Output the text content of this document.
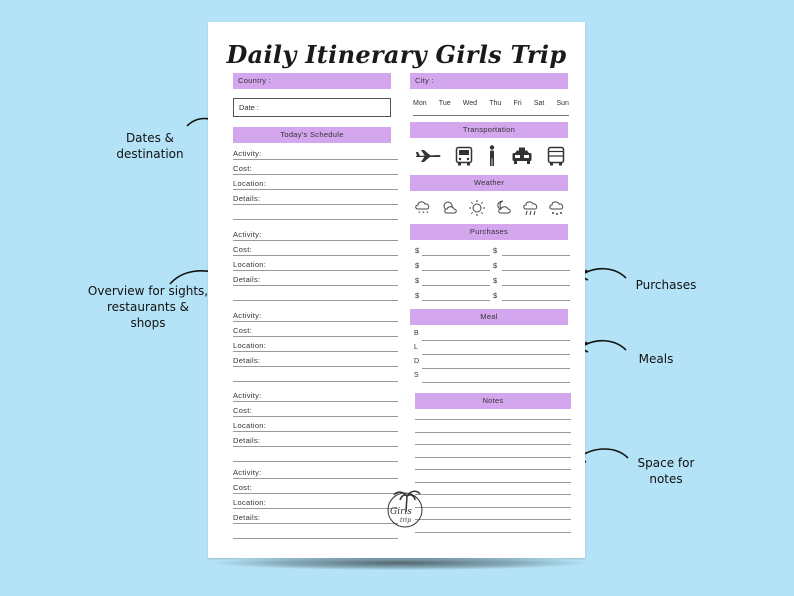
Dates &
destination
Overview for sights,
restaurants &
shops
Purchases
Meals
Space for
notes
Daily Itinerary Girls Trip
Country :
Date :
Today's Schedule
Activity:
Cost:
Location:
Details:
Activity:
Cost:
Location:
Details:
Activity:
Cost:
Location:
Details:
Activity:
Cost:
Location:
Details:
Activity:
Cost:
Location:
Details:
City :
Mon Tue Wed Thu Fri Sat Sun
Transportation
Weather
* * *
Purchases
$	$
$	$
$	$
$	$
Meal
B
L
D
S
Notes
Girls
trip
